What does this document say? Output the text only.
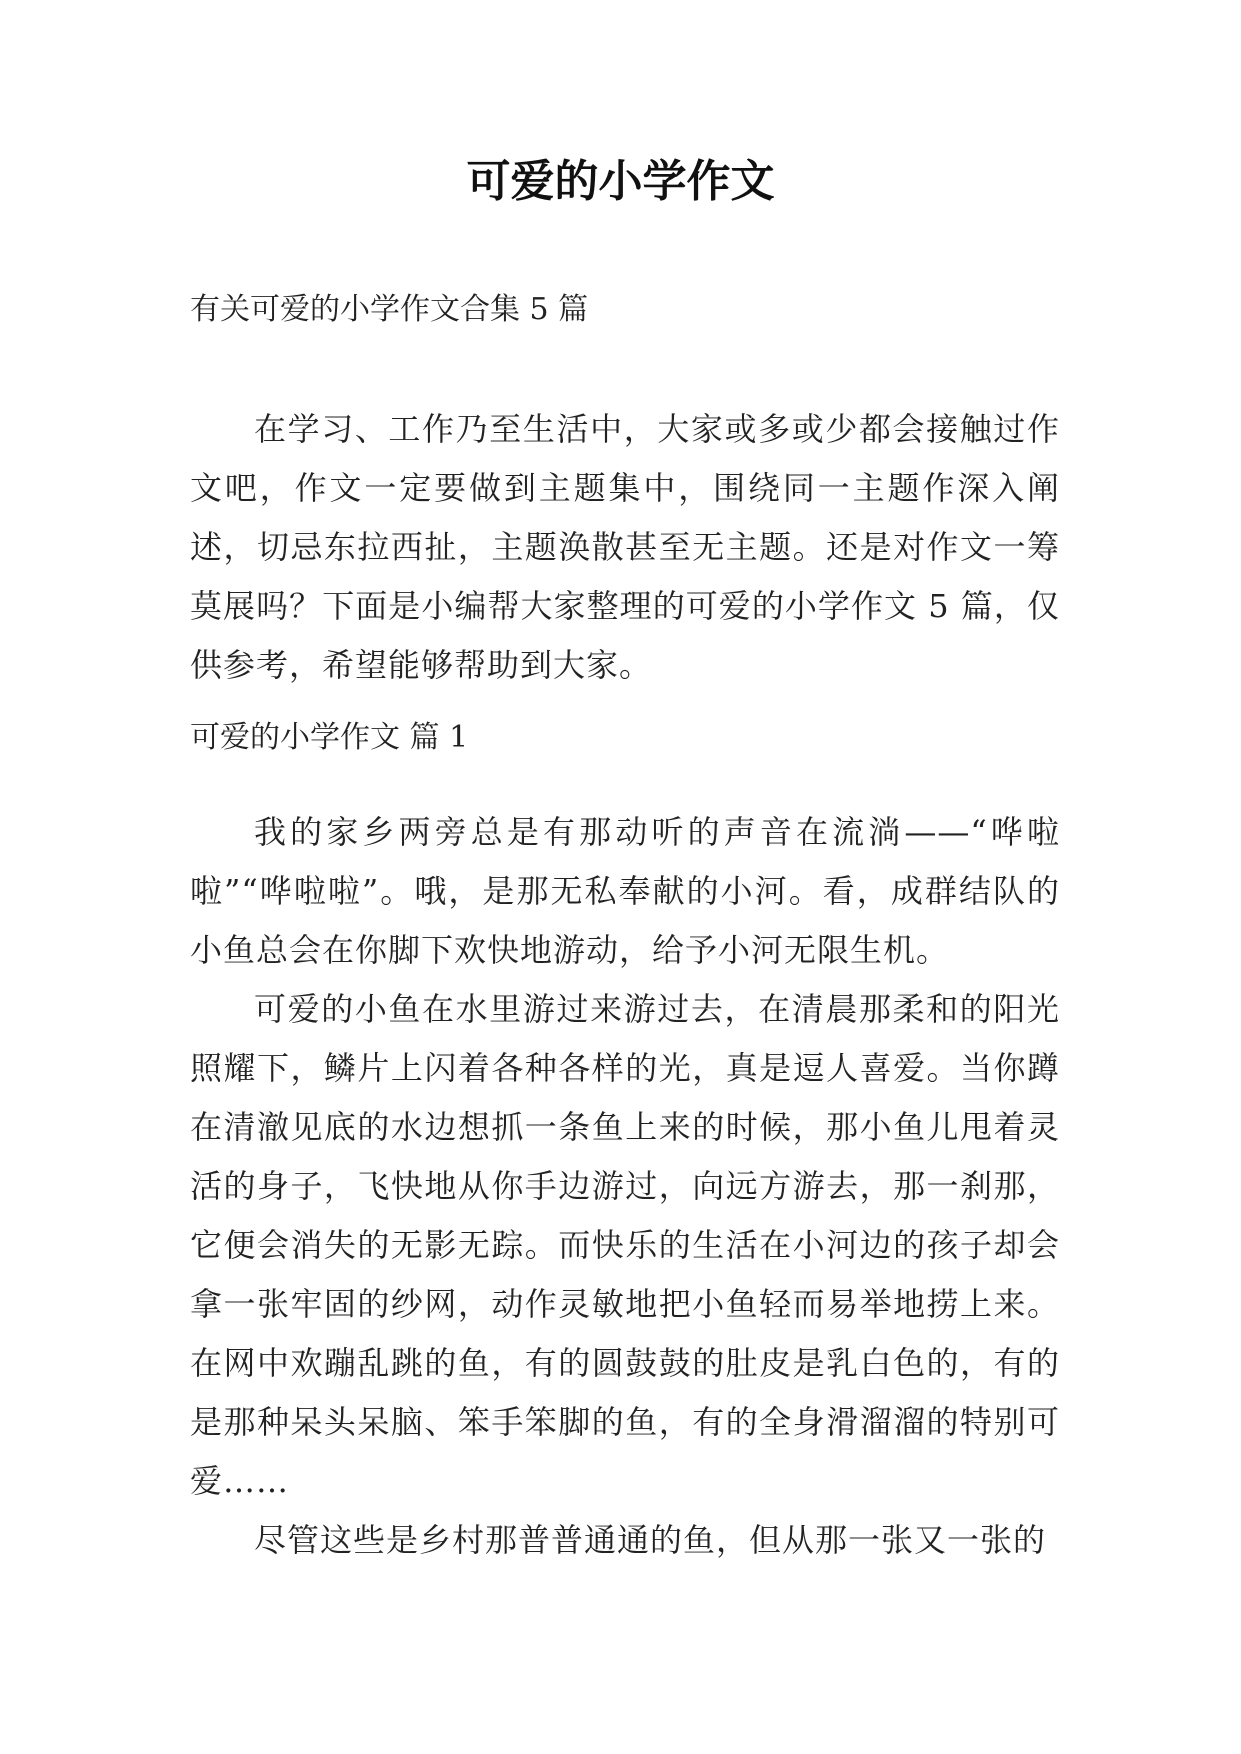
可爱的小学作文

有关可爱的小学作文合集 5 篇

在学习、工作乃至生活中，大家或多或少都会接触过作文吧，作文一定要做到主题集中，围绕同一主题作深入阐述，切忌东拉西扯，主题涣散甚至无主题。还是对作文一筹莫展吗？下面是小编帮大家整理的可爱的小学作文 5 篇，仅供参考，希望能够帮助到大家。

可爱的小学作文 篇 1

我的家乡两旁总是有那动听的声音在流淌——“哗啦啦”“哗啦啦”。哦，是那无私奉献的小河。看，成群结队的小鱼总会在你脚下欢快地游动，给予小河无限生机。

可爱的小鱼在水里游过来游过去，在清晨那柔和的阳光照耀下，鳞片上闪着各种各样的光，真是逗人喜爱。当你蹲在清澈见底的水边想抓一条鱼上来的时候，那小鱼儿甩着灵活的身子，飞快地从你手边游过，向远方游去，那一刹那，它便会消失的无影无踪。而快乐的生活在小河边的孩子却会拿一张牢固的纱网，动作灵敏地把小鱼轻而易举地捞上来。在网中欢蹦乱跳的鱼，有的圆鼓鼓的肚皮是乳白色的，有的是那种呆头呆脑、笨手笨脚的鱼，有的全身滑溜溜的特别可爱……

尽管这些是乡村那普普通通的鱼，但从那一张又一张的
